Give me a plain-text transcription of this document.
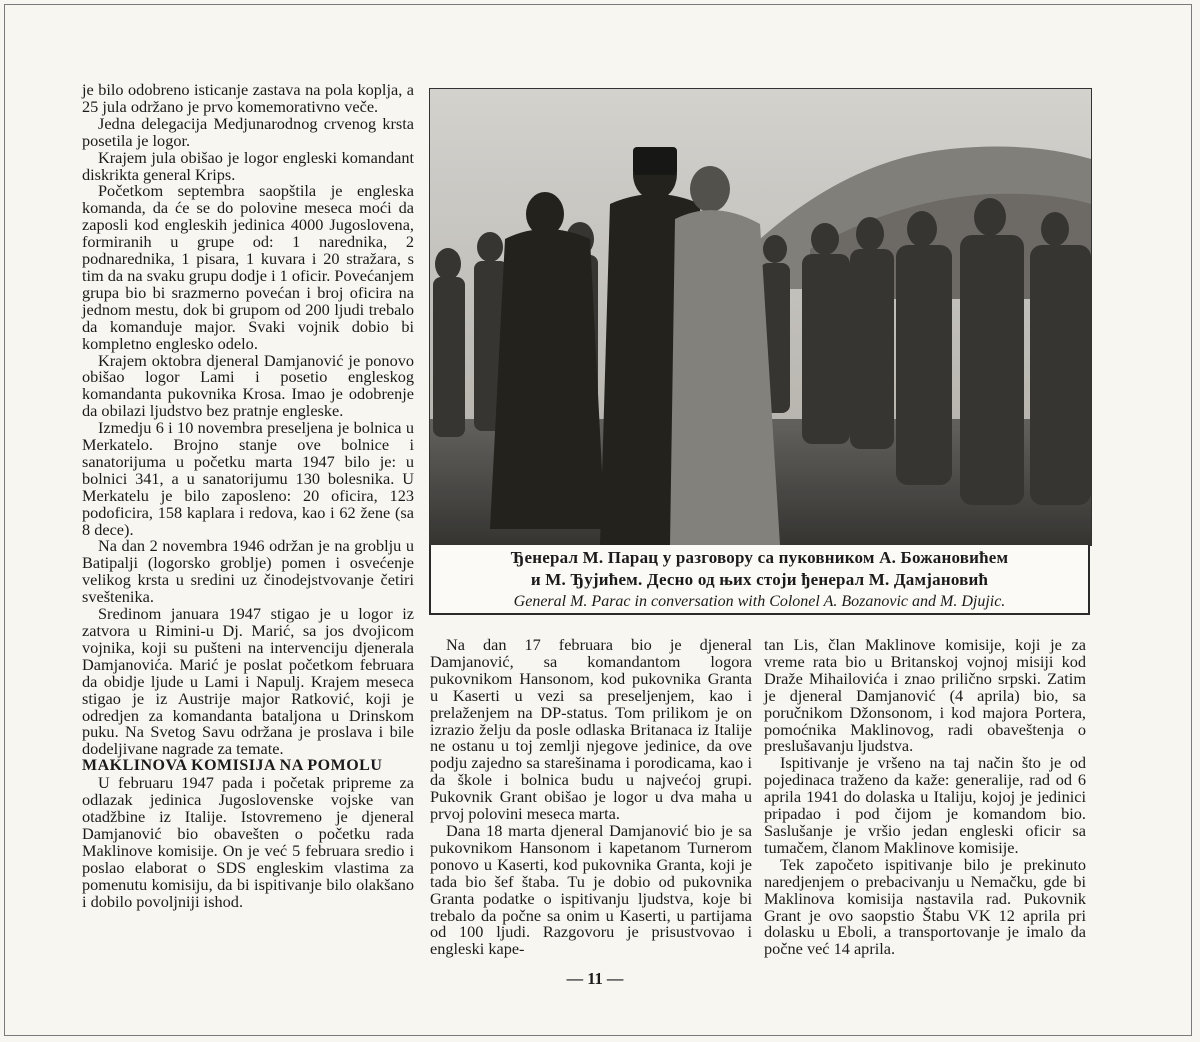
je bilo odobreno isticanje zastava na pola koplja, a 25 jula održano je prvo komemorativno veče.

Jedna delegacija Medjunarodnog crvenog krsta posetila je logor.

Krajem jula obišao je logor engleski komandant diskrikta general Krips.

Početkom septembra saopštila je engleska komanda, da će se do polovine meseca moći da zaposli kod engleskih jedinica 4000 Jugoslovena, formiranih u grupe od: 1 narednika, 2 podnarednika, 1 pisara, 1 kuvara i 20 stražara, s tim da na svaku grupu dodje i 1 oficir. Povećanjem grupa bio bi srazmerno povećan i broj oficira na jednom mestu, dok bi grupom od 200 ljudi trebalo da komanduje major. Svaki vojnik dobio bi kompletno englesko odelo.

Krajem oktobra djeneral Damjanović je ponovo obišao logor Lami i posetio engleskog komandanta pukovnika Krosa. Imao je odobrenje da obilazi ljudstvo bez pratnje engleske.

Izmedju 6 i 10 novembra preseljena je bolnica u Merkatelo. Brojno stanje ove bolnice i sanatorijuma u početku marta 1947 bilo je: u bolnici 341, a u sanatorijumu 130 bolesnika. U Merkatelu je bilo zaposleno: 20 oficira, 123 podoficira, 158 kaplara i redova, kao i 62 žene (sa 8 dece).

Na dan 2 novembra 1946 održan je na groblju u Batipalji (logorsko groblje) pomen i osvećenje velikog krsta u sredini uz činodejstvovanje četiri sveštenika.

Sredinom januara 1947 stigao je u logor iz zatvora u Rimini-u Dj. Marić, sa jos dvojicom vojnika, koji su pušteni na intervenciju djenerala Damjanovića. Marić je poslat početkom februara da obidje ljude u Lami i Napulj. Krajem meseca stigao je iz Austrije major Ratković, koji je odredjen za komandanta bataljona u Drinskom puku. Na Svetog Savu održana je proslava i bile dodeljivane nagrade za temate.

MAKLINOVA KOMISIJA NA POMOLU

U februaru 1947 pada i početak pripreme za odlazak jedinica Jugoslovenske vojske van otadžbine iz Italije. Istovremeno je djeneral Damjanović bio obavešten o početku rada Maklinove komisije. On je već 5 februara sredio i poslao elaborat o SDS engleskim vlastima za pomenutu komisiju, da bi ispitivanje bilo olakšano i dobilo povoljniji ishod.

Ђенерал М. Парац у разговору са пуковником А. Божановићем
и М. Ђујићем. Десно од њих стоји ђенерал М. Дамјановић
General M. Parac in conversation with Colonel A. Bozanovic and M. Djujic.

Na dan 17 februara bio je djeneral Damjanović, sa komandantom logora pukovnikom Hansonom, kod pukovnika Granta u Kaserti u vezi sa preseljenjem, kao i prelaženjem na DP-status. Tom prilikom je on izrazio želju da posle odlaska Britanaca iz Italije ne ostanu u toj zemlji njegove jedinice, da ove podju zajedno sa starešinama i porodicama, kao i da škole i bolnica budu u najvećoj grupi. Pukovnik Grant obišao je logor u dva maha u prvoj polovini meseca marta.

Dana 18 marta djeneral Damjanović bio je sa pukovnikom Hansonom i kapetanom Turnerom ponovo u Kaserti, kod pukovnika Granta, koji je tada bio šef štaba. Tu je dobio od pukovnika Granta podatke o ispitivanju ljudstva, koje bi trebalo da počne sa onim u Kaserti, u partijama od 100 ljudi. Razgovoru je prisustvovao i engleski kape-

tan Lis, član Maklinove komisije, koji je za vreme rata bio u Britanskoj vojnoj misiji kod Draže Mihailovića i znao prilično srpski. Zatim je djeneral Damjanović (4 aprila) bio, sa poručnikom Džonsonom, i kod majora Portera, pomoćnika Maklinovog, radi obaveštenja o preslušavanju ljudstva.

Ispitivanje je vršeno na taj način što je od pojedinaca traženo da kaže: generalije, rad od 6 aprila 1941 do dolaska u Italiju, kojoj je jedinici pripadao i pod čijom je komandom bio. Saslušanje je vršio jedan engleski oficir sa tumačem, članom Maklinove komisije.

Tek započeto ispitivanje bilo je prekinuto naredjenjem o prebacivanju u Nemačku, gde bi Maklinova komisija nastavila rad. Pukovnik Grant je ovo saopstio Štabu VK 12 aprila pri dolasku u Eboli, a transportovanje je imalo da počne već 14 aprila.

— 11 —
